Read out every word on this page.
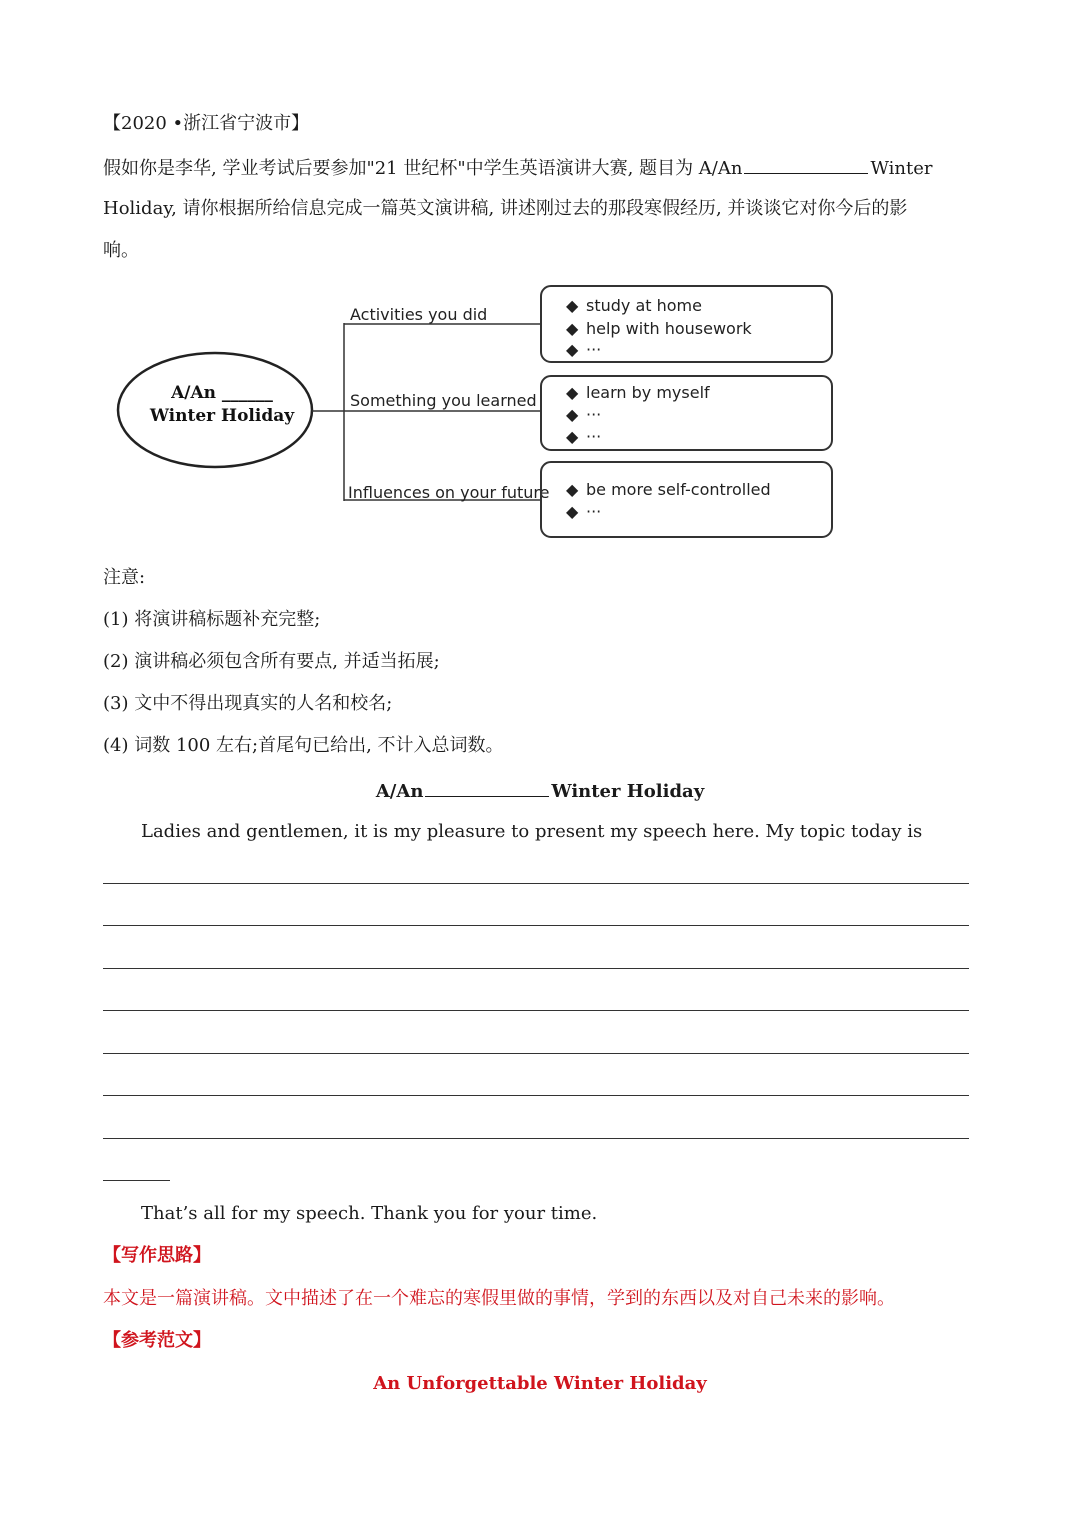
【2020 •浙江省宁波市】
假如你是李华, 学业考试后要参加"21 世纪杯"中学生英语演讲大赛, 题目为 A/An	Winter
Holiday, 请你根据所给信息完成一篇英文演讲稿, 讲述刚过去的那段寒假经历, 并谈谈它对你今后的影
响。
A/An ______
Winter Holiday
Activities you did
Something you learned
Influences on your future
◆ study at home
◆ help with housework
◆ ···
◆ learn by myself
◆ ···
◆ ···
◆ be more self-controlled
◆ ···
注意:
(1) 将演讲稿标题补充完整;
(2) 演讲稿必须包含所有要点, 并适当拓展;
(3) 文中不得出现真实的人名和校名;
(4) 词数 100 左右;首尾句已给出, 不计入总词数。
A/An	Winter Holiday
Ladies and gentlemen, it is my pleasure to present my speech here. My topic today is
That’s all for my speech. Thank you for your time.
【写作思路】
本文是一篇演讲稿。文中描述了在一个难忘的寒假里做的事情，学到的东西以及对自己未来的影响。
【参考范文】
An Unforgettable Winter Holiday
